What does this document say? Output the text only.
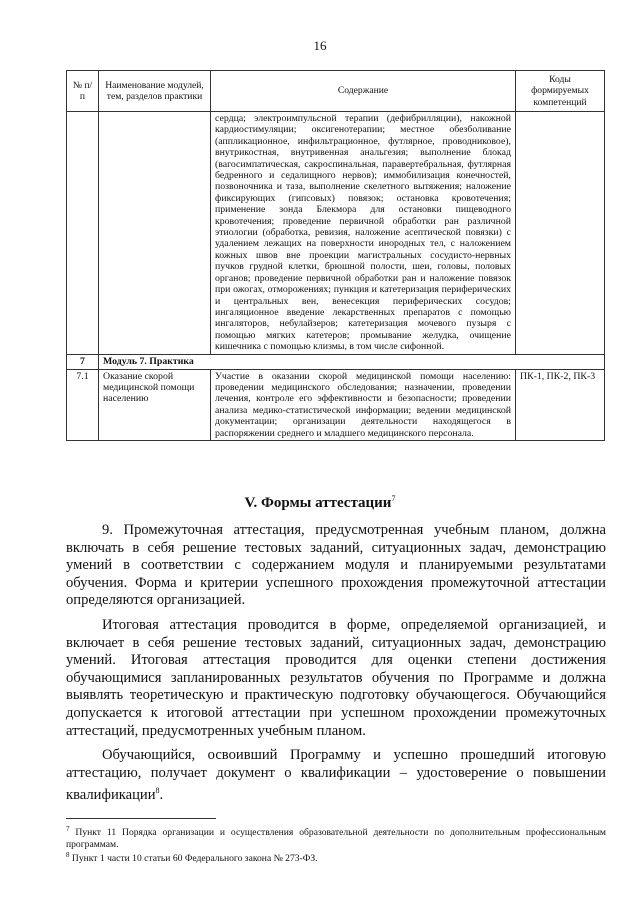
16
№ п/п	Наименование модулей, тем, разделов практики	Содержание	Коды формируемых компетенций
		сердца; электроимпульсной терапии (дефибрилляции), накожной кардиостимуляции; оксигенотерапии; местное обезболивание (аппликационное, инфильтрационное, футлярное, проводниковое), внутрикостная, внутривенная анальгезия; выполнение блокад (вагосимпатическая, сакроспинальная, паравертебральная, футлярная бедренного и седалищного нервов); иммобилизация конечностей, позвоночника и таза, выполнение скелетного вытяжения; наложение фиксирующих (гипсовых) повязок; остановка кровотечения; применение зонда Блекмора для остановки пищеводного кровотечения; проведение первичной обработки ран различной этиологии (обработка, ревизия, наложение асептической повязки) с удалением лежащих на поверхности инородных тел, с наложением кожных швов вне проекции магистральных сосудисто-нервных пучков грудной клетки, брюшной полости, шеи, головы, половых органов; проведение первичной обработки ран и наложение повязок при ожогах, отморожениях; пункция и катетеризация периферических и центральных вен, венесекция периферических сосудов; ингаляционное введение лекарственных препаратов с помощью ингаляторов, небулайзеров; катетеризация мочевого пузыря с помощью мягких катетеров; промывание желудка, очищение кишечника с помощью клизмы, в том числе сифонной.	
7	Модуль 7. Практика		
7.1	Оказание скорой медицинской помощи населению	Участие в оказании скорой медицинской помощи населению: проведении медицинского обследования; назначении, проведении лечения, контроле его эффективности и безопасности; проведении анализа медико-статистической информации; ведении медицинской документации; организации деятельности находящегося в распоряжении среднего и младшего медицинского персонала.	ПК-1, ПК-2, ПК-3
V. Формы аттестации$^7$

9. Промежуточная аттестация, предусмотренная учебным планом, должна включать в себя решение тестовых заданий, ситуационных задач, демонстрацию умений в соответствии с содержанием модуля и планируемыми результатами обучения. Форма и критерии успешного прохождения промежуточной аттестации определяются организацией.

Итоговая аттестация проводится в форме, определяемой организацией, и включает в себя решение тестовых заданий, ситуационных задач, демонстрацию умений. Итоговая аттестация проводится для оценки степени достижения обучающимися запланированных результатов обучения по Программе и должна выявлять теоретическую и практическую подготовку обучающегося. Обучающийся допускается к итоговой аттестации при успешном прохождении промежуточных аттестаций, предусмотренных учебным планом.

Обучающийся, освоивший Программу и успешно прошедший итоговую аттестацию, получает документ о квалификации – удостоверение о повышении квалификации$^8$.

$^7$ Пункт 11 Порядка организации и осуществления образовательной деятельности по дополнительным профессиональным программам.

$^8$ Пункт 1 части 10 статьи 60 Федерального закона № 273-ФЗ.
